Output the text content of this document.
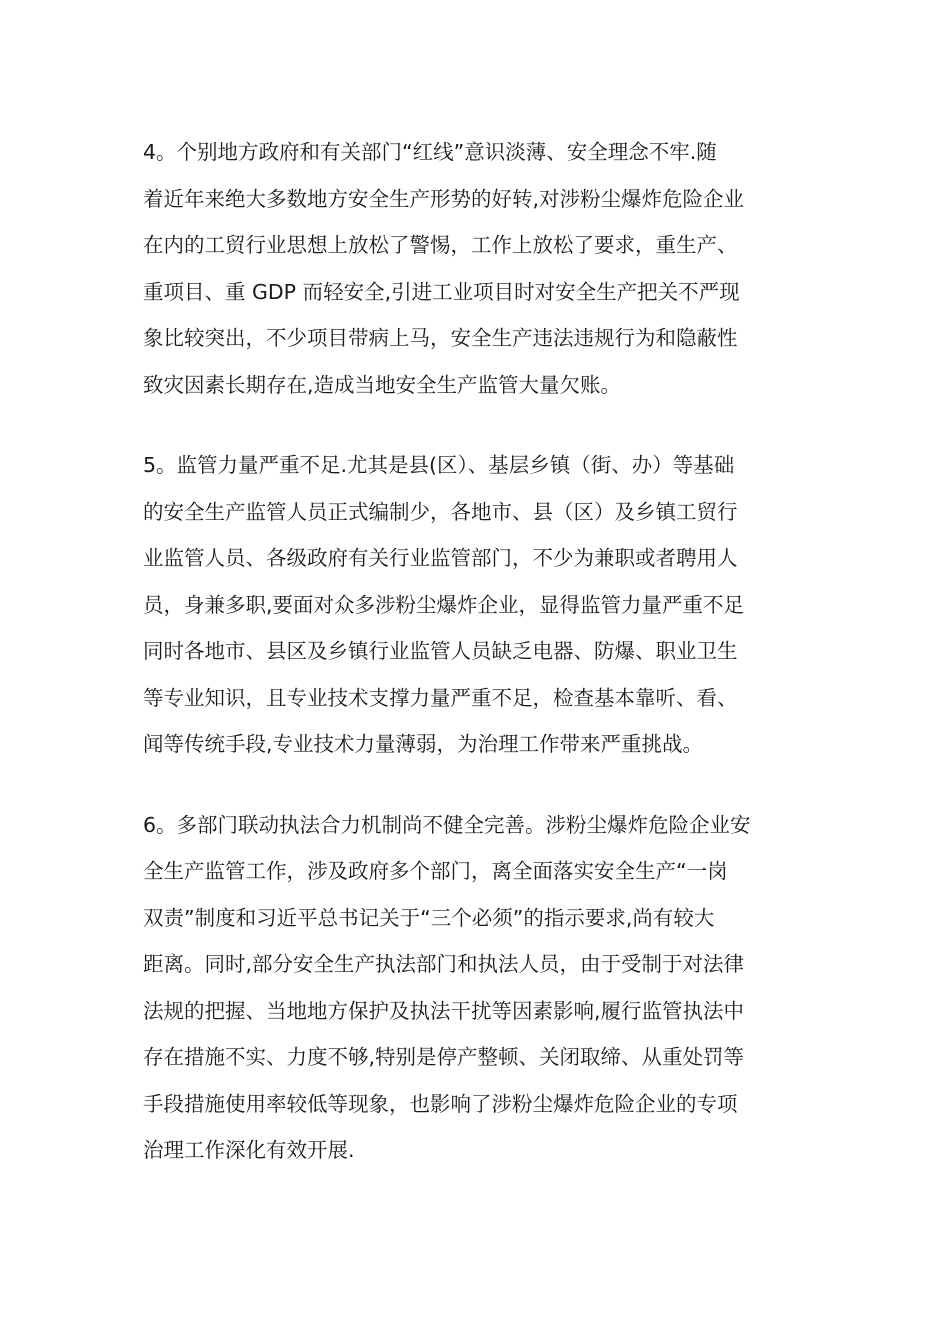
4。个别地方政府和有关部门“红线”意识淡薄、安全理念不牢.随
着近年来绝大多数地方安全生产形势的好转,对涉粉尘爆炸危险企业
在内的工贸行业思想上放松了警惕，工作上放松了要求，重生产、
重项目、重 GDP 而轻安全,引进工业项目时对安全生产把关不严现
象比较突出，不少项目带病上马，安全生产违法违规行为和隐蔽性
致灾因素长期存在,造成当地安全生产监管大量欠账。

5。监管力量严重不足.尤其是县(区）、基层乡镇（街、办）等基础
的安全生产监管人员正式编制少，各地市、县（区）及乡镇工贸行
业监管人员、各级政府有关行业监管部门，不少为兼职或者聘用人
员，身兼多职,要面对众多涉粉尘爆炸企业，显得监管力量严重不足
同时各地市、县区及乡镇行业监管人员缺乏电器、防爆、职业卫生
等专业知识，且专业技术支撑力量严重不足，检查基本靠听、看、
闻等传统手段,专业技术力量薄弱，为治理工作带来严重挑战。

6。多部门联动执法合力机制尚不健全完善。涉粉尘爆炸危险企业安
全生产监管工作，涉及政府多个部门，离全面落实安全生产“一岗
双责”制度和习近平总书记关于“三个必须”的指示要求,尚有较大
距离。同时,部分安全生产执法部门和执法人员，由于受制于对法律
法规的把握、当地地方保护及执法干扰等因素影响,履行监管执法中
存在措施不实、力度不够,特别是停产整顿、关闭取缔、从重处罚等
手段措施使用率较低等现象，也影响了涉粉尘爆炸危险企业的专项
治理工作深化有效开展.
